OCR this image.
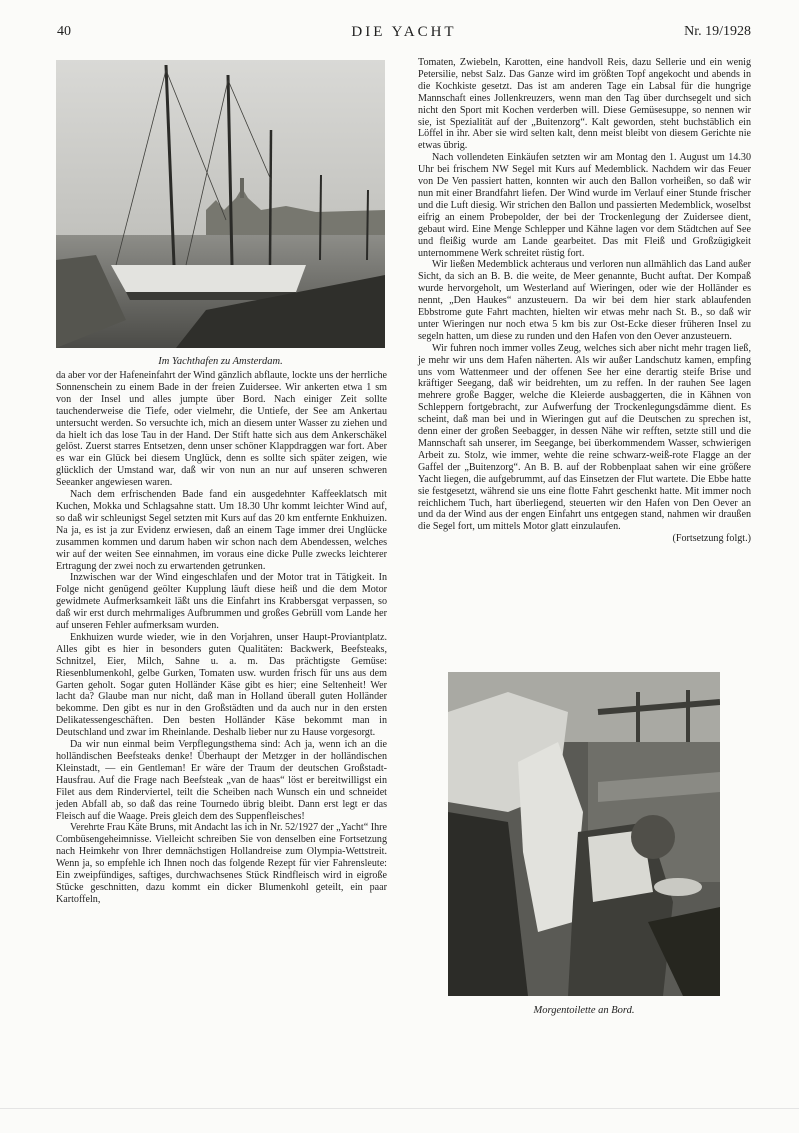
40	DIE YACHT	Nr. 19/1928
Im Yachthafen zu Amsterdam.

da aber vor der Hafeneinfahrt der Wind gänzlich abflaute, lockte uns der herrliche Sonnenschein zu einem Bade in der freien Zuidersee. Wir ankerten etwa 1 sm von der Insel und alles jumpte über Bord. Nach einiger Zeit sollte tauchenderweise die Tiefe, oder vielmehr, die Untiefe, der See am Ankertau untersucht werden. So versuchte ich, mich an diesem unter Wasser zu ziehen und da hielt ich das lose Tau in der Hand. Der Stift hatte sich aus dem Ankerschäkel gelöst. Zuerst starres Entsetzen, denn unser schöner Klappdraggen war fort. Aber es war ein Glück bei diesem Unglück, denn es sollte sich später zeigen, wie glücklich der Umstand war, daß wir von nun an nur auf unseren schweren Seeanker angewiesen waren.

Nach dem erfrischenden Bade fand ein ausgedehnter Kaffeeklatsch mit Kuchen, Mokka und Schlagsahne statt. Um 18.30 Uhr kommt leichter Wind auf, so daß wir schleunigst Segel setzten mit Kurs auf das 20 km entfernte Enkhuizen. Na ja, es ist ja zur Evidenz erwiesen, daß an einem Tage immer drei Unglücke zusammen kommen und darum haben wir schon nach dem Abendessen, welches wir auf der weiten See einnahmen, im voraus eine dicke Pulle zwecks leichterer Ertragung der zwei noch zu erwartenden getrunken.

Inzwischen war der Wind eingeschlafen und der Motor trat in Tätigkeit. In Folge nicht genügend geölter Kupplung läuft diese heiß und die dem Motor gewidmete Aufmerksamkeit läßt uns die Einfahrt ins Krabbersgat verpassen, so daß wir erst durch mehrmaliges Aufbrummen und großes Gebrüll vom Lande her auf unseren Fehler aufmerksam wurden.

Enkhuizen wurde wieder, wie in den Vorjahren, unser Haupt-Proviantplatz. Alles gibt es hier in besonders guten Qualitäten: Backwerk, Beefsteaks, Schnitzel, Eier, Milch, Sahne u. a. m. Das prächtigste Gemüse: Riesenblumenkohl, gelbe Gurken, Tomaten usw. wurden frisch für uns aus dem Garten geholt. Sogar guten Holländer Käse gibt es hier; eine Seltenheit! Wer lacht da? Glaube man nur nicht, daß man in Holland überall guten Holländer bekomme. Den gibt es nur in den Großstädten und da auch nur in den ersten Delikatessengeschäften. Den besten Holländer Käse bekommt man in Deutschland und zwar im Rheinlande. Deshalb lieber nur zu Hause vorgesorgt.

Da wir nun einmal beim Verpflegungsthema sind: Ach ja, wenn ich an die holländischen Beefsteaks denke! Überhaupt der Metzger in der holländischen Kleinstadt, — ein Gentleman! Er wäre der Traum der deutschen Großstadt-Hausfrau. Auf die Frage nach Beefsteak „van de haas“ löst er bereitwilligst ein Filet aus dem Rinderviertel, teilt die Scheiben nach Wunsch ein und schneidet jeden Abfall ab, so daß das reine Tournedo übrig bleibt. Dann erst legt er das Fleisch auf die Waage. Preis gleich dem des Suppenfleisches!

Verehrte Frau Käte Bruns, mit Andacht las ich in Nr. 52/1927 der „Yacht“ Ihre Combüsengeheimnisse. Vielleicht schreiben Sie von denselben eine Fortsetzung nach Heimkehr von Ihrer demnächstigen Hollandreise zum Olympia-Wettstreit. Wenn ja, so empfehle ich Ihnen noch das folgende Rezept für vier Fahrensleute: Ein zweipfündiges, saftiges, durchwachsenes Stück Rindfleisch wird in eigroße Stücke geschnitten, dazu kommt ein dicker Blumenkohl geteilt, ein paar Kartoffeln,

Tomaten, Zwiebeln, Karotten, eine handvoll Reis, dazu Sellerie und ein wenig Petersilie, nebst Salz. Das Ganze wird im größten Topf angekocht und abends in die Kochkiste gesetzt. Das ist am anderen Tage ein Labsal für die hungrige Mannschaft eines Jollenkreuzers, wenn man den Tag über durchsegelt und sich nicht den Sport mit Kochen verderben will. Diese Gemüsesuppe, so nennen wir sie, ist Spezialität auf der „Buitenzorg“. Kalt geworden, steht buchstäblich ein Löffel in ihr. Aber sie wird selten kalt, denn meist bleibt von diesem Gerichte nie etwas übrig.

Nach vollendeten Einkäufen setzten wir am Montag den 1. August um 14.30 Uhr bei frischem NW Segel mit Kurs auf Medemblick. Nachdem wir das Feuer von De Ven passiert hatten, konnten wir auch den Ballon vorheißen, so daß wir nun mit einer Brandfahrt liefen. Der Wind wurde im Verlauf einer Stunde frischer und die Luft diesig. Wir strichen den Ballon und passierten Medemblick, woselbst eifrig an einem Probepolder, der bei der Trockenlegung der Zuidersee dient, gebaut wird. Eine Menge Schlepper und Kähne lagen vor dem Städtchen auf See und fleißig wurde am Lande gearbeitet. Das mit Fleiß und Großzügigkeit unternommene Werk schreitet rüstig fort.

Wir ließen Medemblick achteraus und verloren nun allmählich das Land außer Sicht, da sich an B. B. die weite, de Meer genannte, Bucht auftat. Der Kompaß wurde hervorgeholt, um Westerland auf Wieringen, oder wie der Holländer es nennt, „Den Haukes“ anzusteuern. Da wir bei dem hier stark ablaufenden Ebbstrome gute Fahrt machten, hielten wir etwas mehr nach St. B., so daß wir unter Wieringen nur noch etwa 5 km bis zur Ost-Ecke dieser früheren Insel zu segeln hatten, um diese zu runden und den Hafen von den Oever anzusteuern.

Wir fuhren noch immer volles Zeug, welches sich aber nicht mehr tragen ließ, je mehr wir uns dem Hafen näherten. Als wir außer Landschutz kamen, empfing uns vom Wattenmeer und der offenen See her eine derartig steife Brise und kräftiger Seegang, daß wir beidrehten, um zu reffen. In der rauhen See lagen mehrere große Bagger, welche die Kleierde ausbaggerten, die in Kähnen von Schleppern fortgebracht, zur Aufwerfung der Trockenlegungsdämme dient. Es scheint, daß man bei und in Wieringen gut auf die Deutschen zu sprechen ist, denn einer der großen Seebagger, in dessen Nähe wir refften, setzte still und die Mannschaft sah unserer, im Seegange, bei überkommendem Wasser, schwierigen Arbeit zu. Stolz, wie immer, wehte die reine schwarz-weiß-rote Flagge an der Gaffel der „Buitenzorg“. An B. B. auf der Robbenplaat sahen wir eine größere Yacht liegen, die aufgebrummt, auf das Einsetzen der Flut wartete. Die Ebbe hatte sie festgesetzt, während sie uns eine flotte Fahrt geschenkt hatte. Mit immer noch reichlichem Tuch, hart überliegend, steuerten wir den Hafen von Den Oever an und da der Wind aus der engen Einfahrt uns entgegen stand, nahmen wir draußen die Segel fort, um mittels Motor glatt einzulaufen.

(Fortsetzung folgt.)
Morgentoilette an Bord.
